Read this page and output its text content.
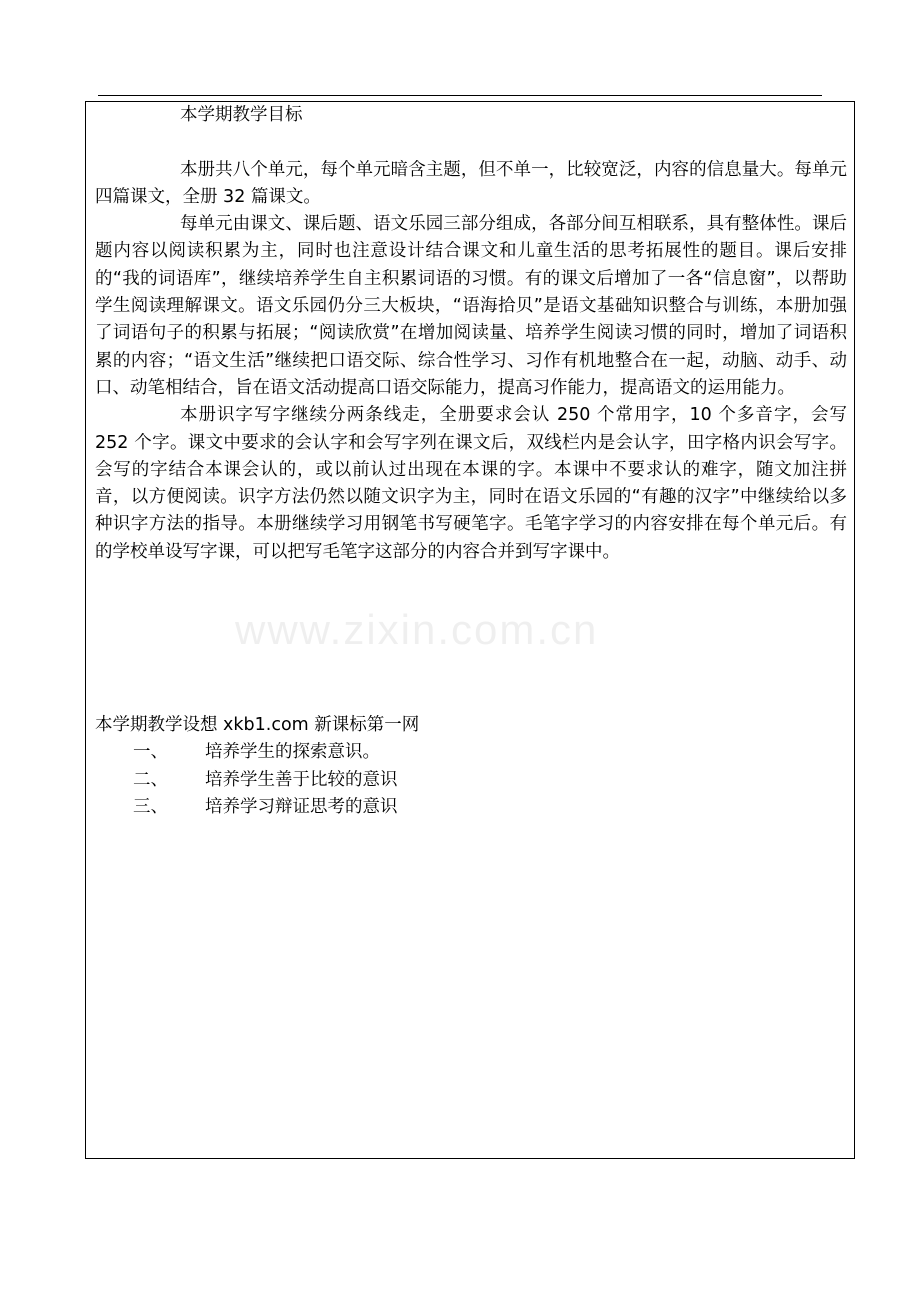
www.zixin.com.cn

本学期教学目标

本册共八个单元，每个单元暗含主题，但不单一，比较宽泛，内容的信息量大。每单元四篇课文，全册 32 篇课文。

每单元由课文、课后题、语文乐园三部分组成，各部分间互相联系，具有整体性。课后题内容以阅读积累为主，同时也注意设计结合课文和儿童生活的思考拓展性的题目。课后安排的“我的词语库”，继续培养学生自主积累词语的习惯。有的课文后增加了一各“信息窗”，以帮助学生阅读理解课文。语文乐园仍分三大板块，“语海拾贝”是语文基础知识整合与训练，本册加强了词语句子的积累与拓展；“阅读欣赏”在增加阅读量、培养学生阅读习惯的同时，增加了词语积累的内容；“语文生活”继续把口语交际、综合性学习、习作有机地整合在一起，动脑、动手、动口、动笔相结合，旨在语文活动提高口语交际能力，提高习作能力，提高语文的运用能力。

本册识字写字继续分两条线走，全册要求会认 250 个常用字，10 个多音字，会写 252 个字。课文中要求的会认字和会写字列在课文后，双线栏内是会认字，田字格内识会写字。会写的字结合本课会认的，或以前认过出现在本课的字。本课中不要求认的难字，随文加注拼音，以方便阅读。识字方法仍然以随文识字为主，同时在语文乐园的“有趣的汉字”中继续给以多种识字方法的指导。本册继续学习用钢笔书写硬笔字。毛笔字学习的内容安排在每个单元后。有的学校单设写字课，可以把写毛笔字这部分的内容合并到写字课中。

本学期教学设想 xkb1.com 新课标第一网

一、	培养学生的探索意识。
二、	培养学生善于比较的意识
三、	培养学习辩证思考的意识
